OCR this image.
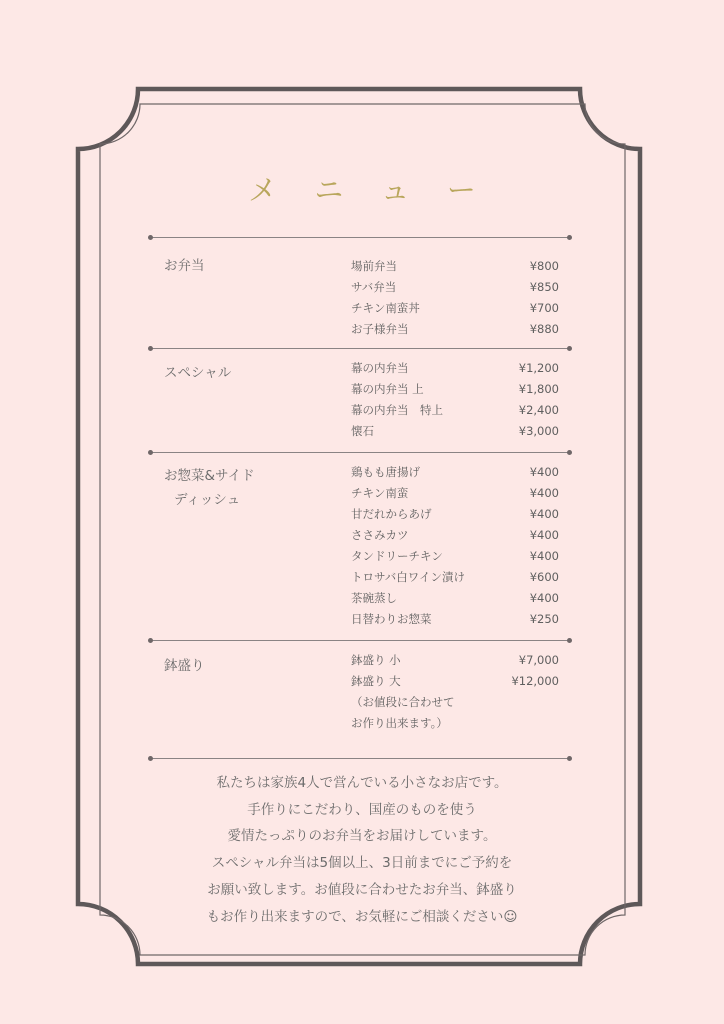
メ ニ ュ ー
お弁当	場前弁当	¥800
サバ弁当	¥850
チキン南蛮丼	¥700
お子様弁当	¥880
スペシャル	幕の内弁当	¥1,200
幕の内弁当 上	¥1,800
幕の内弁当　特上	¥2,400
懐石	¥3,000
お惣菜&サイド
ディッシュ
鶏もも唐揚げ	¥400
チキン南蛮	¥400
甘だれからあげ	¥400
ささみカツ	¥400
タンドリーチキン	¥400
トロサバ白ワイン漬け	¥600
茶碗蒸し	¥400
日替わりお惣菜	¥250
鉢盛り	鉢盛り 小	¥7,000
鉢盛り 大	¥12,000
（お値段に合わせて
お作り出来ます。）
私たちは家族4人で営んでいる小さなお店です。
手作りにこだわり、国産のものを使う
愛情たっぷりのお弁当をお届けしています。
スペシャル弁当は5個以上、3日前までにご予約を
お願い致します。お値段に合わせたお弁当、鉢盛り
もお作り出来ますので、お気軽にご相談ください☺
